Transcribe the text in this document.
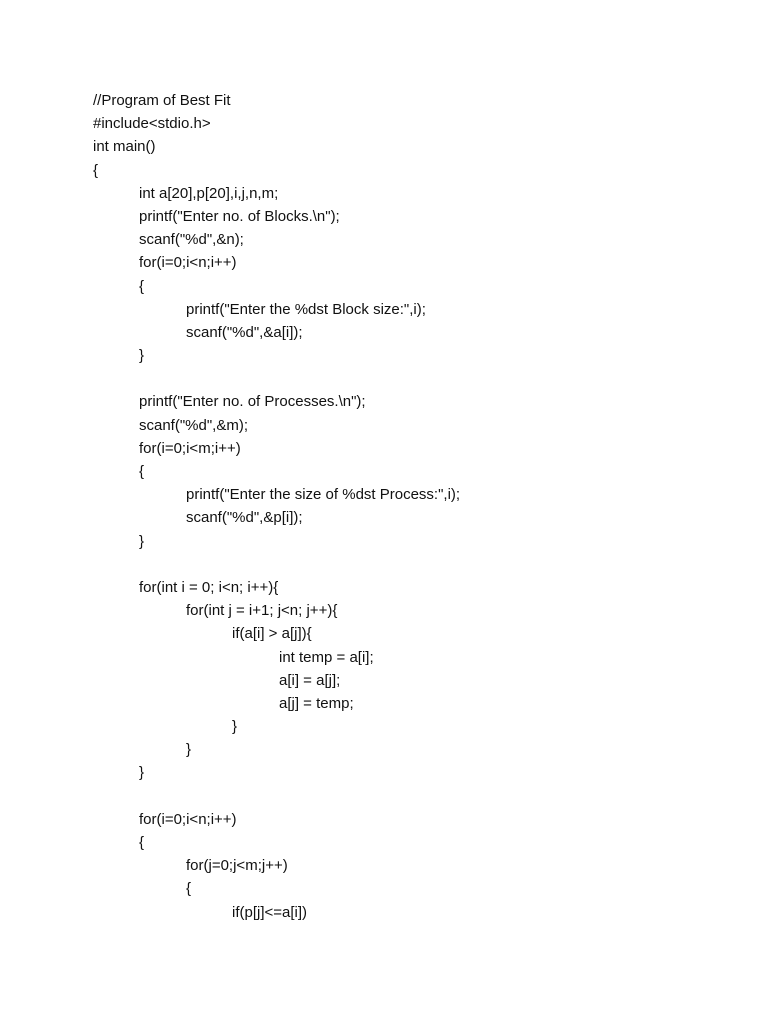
//Program of Best Fit
#include<stdio.h>
int main()
{
int a[20],p[20],i,j,n,m;
printf("Enter no. of Blocks.\n");
scanf("%d",&n);
for(i=0;i<n;i++)
{
printf("Enter the %dst Block size:",i);
scanf("%d",&a[i]);
}
printf("Enter no. of Processes.\n");
scanf("%d",&m);
for(i=0;i<m;i++)
{
printf("Enter the size of %dst Process:",i);
scanf("%d",&p[i]);
}
for(int i = 0; i<n; i++){
for(int j = i+1; j<n; j++){
if(a[i] > a[j]){
int temp = a[i];
a[i] = a[j];
a[j] = temp;
}
}
}
for(i=0;i<n;i++)
{
for(j=0;j<m;j++)
{
if(p[j]<=a[i])
